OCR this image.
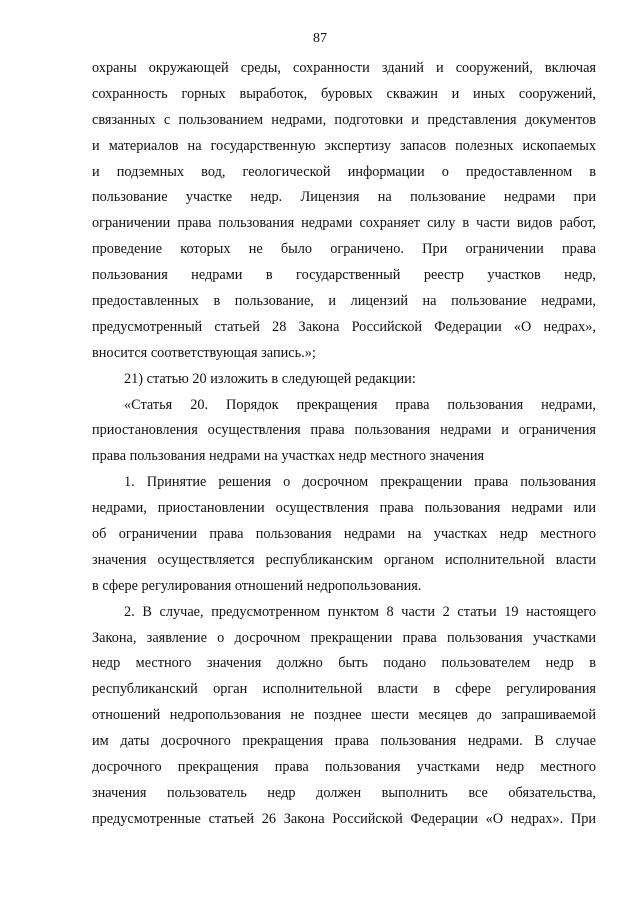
87
охраны окружающей среды, сохранности зданий и сооружений, включая
сохранность горных выработок, буровых скважин и иных сооружений,
связанных с пользованием недрами, подготовки и представления документов
и материалов на государственную экспертизу запасов полезных ископаемых
и подземных вод, геологической информации о предоставленном в
пользование участке недр. Лицензия на пользование недрами при
ограничении права пользования недрами сохраняет силу в части видов работ,
проведение которых не было ограничено. При ограничении права
пользования недрами в государственный реестр участков недр,
предоставленных в пользование, и лицензий на пользование недрами,
предусмотренный статьей 28 Закона Российской Федерации «О недрах»,
вносится соответствующая запись.»;
21) статью 20 изложить в следующей редакции:
«Статья 20. Порядок прекращения права пользования недрами,
приостановления осуществления права пользования недрами и ограничения
права пользования недрами на участках недр местного значения
1. Принятие решения о досрочном прекращении права пользования
недрами, приостановлении осуществления права пользования недрами или
об ограничении права пользования недрами на участках недр местного
значения осуществляется республиканским органом исполнительной власти
в сфере регулирования отношений недропользования.
2. В случае, предусмотренном пунктом 8 части 2 статьи 19 настоящего
Закона, заявление о досрочном прекращении права пользования участками
недр местного значения должно быть подано пользователем недр в
республиканский орган исполнительной власти в сфере регулирования
отношений недропользования не позднее шести месяцев до запрашиваемой
им даты досрочного прекращения права пользования недрами. В случае
досрочного прекращения права пользования участками недр местного
значения пользователь недр должен выполнить все обязательства,
предусмотренные статьей 26 Закона Российской Федерации «О недрах». При
